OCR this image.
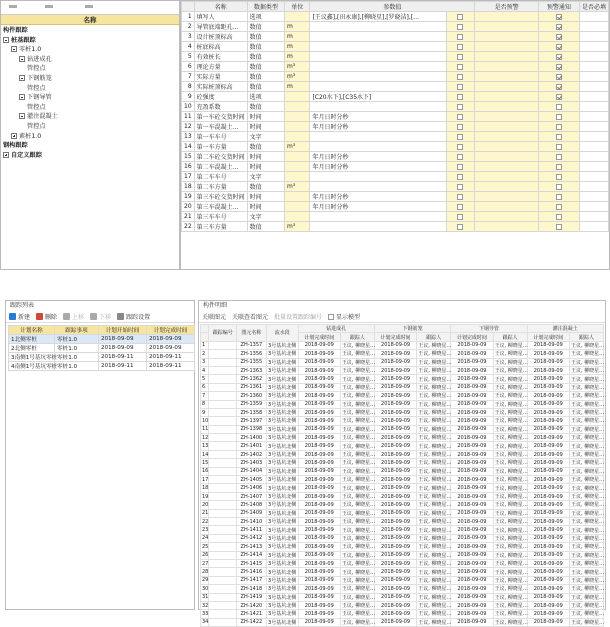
名称
构件跟踪
桩基跟踪
零桩1.0
钻进成孔
管控点
下钢筋笼
管控点
下钢导管
管控点
灌注混凝土
管控点
素桩1.0
钢构跟踪
自定义跟踪
	名称	数据类型	单位	参数值		是否预警	预警通知	是否必填
1	填写人	选项		[王议鑫],[田永康],[柳晓星],[罗晓洁],[…				
2	导管底端距孔…	数值	m					
3	设计桩顶标高	数值	m					
4	桩底标高	数值	m					
5	有效桩长	数值	m					
6	理论方量	数值	m³					
7	实际方量	数值	m³					
8	实际桩顶标高	数值	m					
9	砼强度	选项		[C20水下],[C35水下]				
10	充盈系数	数值						
11	第一车砼交货时间	时间		年月日时分秒				
12	第一车混凝土…	时间		年月日时分秒				
13	第一车车号	文字						
14	第一车方量	数值	m³					
15	第二车砼交货时间	时间		年月日时分秒				
16	第二车混凝土…	时间		年月日时分秒				
17	第二车车号	文字						
18	第二车方量	数值	m³					
19	第三车砼交货时间	时间		年月日时分秒				
20	第三车混凝土…	时间		年月日时分秒				
21	第三车车号	文字						
22	第三车方量	数值	m³					
跟踪列表
新建	删除	上移	下移	跟踪设置
计划名称	跟踪事项	计划开始时间	计划完成时间
1北侧零桩	零桩1.0	2018-09-09	2018-09-09
2北侧零桩	零桩1.0	2018-09-09	2018-09-09
3南侧1号基坑零桩	零桩1.0	2018-09-11	2018-09-11
4南侧1号基坑零桩	零桩1.0	2018-09-11	2018-09-11
构件明细
关联图元 关联查看图元 批量设置跟踪编号 显示模型
	跟踪编号	图元名称	流水段	钻进成孔		下钢筋笼		下钢导管		灌注混凝土	
				计划完成时间	跟踪人	计划完成时间	跟踪人	计划完成时间	跟踪人	计划完成时间	跟踪人
1		ZH-1357	3号基坑北侧	2018-09-09	王议, 柳晓星…	2018-09-09	王议, 柳晓星…	2018-09-09	王议, 柳晓星…	2018-09-09	王议, 柳晓星…
2		ZH-1356	3号基坑北侧	2018-09-09	王议, 柳晓星…	2018-09-09	王议, 柳晓星…	2018-09-09	王议, 柳晓星…	2018-09-09	王议, 柳晓星…
3		ZH-1355	3号基坑北侧	2018-09-09	王议, 柳晓星…	2018-09-09	王议, 柳晓星…	2018-09-09	王议, 柳晓星…	2018-09-09	王议, 柳晓星…
4		ZH-1363	3号基坑北侧	2018-09-09	王议, 柳晓星…	2018-09-09	王议, 柳晓星…	2018-09-09	王议, 柳晓星…	2018-09-09	王议, 柳晓星…
5		ZH-1362	3号基坑北侧	2018-09-09	王议, 柳晓星…	2018-09-09	王议, 柳晓星…	2018-09-09	王议, 柳晓星…	2018-09-09	王议, 柳晓星…
6		ZH-1361	3号基坑北侧	2018-09-09	王议, 柳晓星…	2018-09-09	王议, 柳晓星…	2018-09-09	王议, 柳晓星…	2018-09-09	王议, 柳晓星…
7		ZH-1360	3号基坑北侧	2018-09-09	王议, 柳晓星…	2018-09-09	王议, 柳晓星…	2018-09-09	王议, 柳晓星…	2018-09-09	王议, 柳晓星…
8		ZH-1359	3号基坑北侧	2018-09-09	王议, 柳晓星…	2018-09-09	王议, 柳晓星…	2018-09-09	王议, 柳晓星…	2018-09-09	王议, 柳晓星…
9		ZH-1358	3号基坑北侧	2018-09-09	王议, 柳晓星…	2018-09-09	王议, 柳晓星…	2018-09-09	王议, 柳晓星…	2018-09-09	王议, 柳晓星…
10		ZH-1397	3号基坑北侧	2018-09-09	王议, 柳晓星…	2018-09-09	王议, 柳晓星…	2018-09-09	王议, 柳晓星…	2018-09-09	王议, 柳晓星…
11		ZH-1398	3号基坑北侧	2018-09-09	王议, 柳晓星…	2018-09-09	王议, 柳晓星…	2018-09-09	王议, 柳晓星…	2018-09-09	王议, 柳晓星…
12		ZH-1400	3号基坑北侧	2018-09-09	王议, 柳晓星…	2018-09-09	王议, 柳晓星…	2018-09-09	王议, 柳晓星…	2018-09-09	王议, 柳晓星…
13		ZH-1401	3号基坑北侧	2018-09-09	王议, 柳晓星…	2018-09-09	王议, 柳晓星…	2018-09-09	王议, 柳晓星…	2018-09-09	王议, 柳晓星…
14		ZH-1402	3号基坑北侧	2018-09-09	王议, 柳晓星…	2018-09-09	王议, 柳晓星…	2018-09-09	王议, 柳晓星…	2018-09-09	王议, 柳晓星…
15		ZH-1403	3号基坑北侧	2018-09-09	王议, 柳晓星…	2018-09-09	王议, 柳晓星…	2018-09-09	王议, 柳晓星…	2018-09-09	王议, 柳晓星…
16		ZH-1404	3号基坑北侧	2018-09-09	王议, 柳晓星…	2018-09-09	王议, 柳晓星…	2018-09-09	王议, 柳晓星…	2018-09-09	王议, 柳晓星…
17		ZH-1405	3号基坑北侧	2018-09-09	王议, 柳晓星…	2018-09-09	王议, 柳晓星…	2018-09-09	王议, 柳晓星…	2018-09-09	王议, 柳晓星…
18		ZH-1406	3号基坑北侧	2018-09-09	王议, 柳晓星…	2018-09-09	王议, 柳晓星…	2018-09-09	王议, 柳晓星…	2018-09-09	王议, 柳晓星…
19		ZH-1407	3号基坑北侧	2018-09-09	王议, 柳晓星…	2018-09-09	王议, 柳晓星…	2018-09-09	王议, 柳晓星…	2018-09-09	王议, 柳晓星…
20		ZH-1408	3号基坑北侧	2018-09-09	王议, 柳晓星…	2018-09-09	王议, 柳晓星…	2018-09-09	王议, 柳晓星…	2018-09-09	王议, 柳晓星…
21		ZH-1409	3号基坑北侧	2018-09-09	王议, 柳晓星…	2018-09-09	王议, 柳晓星…	2018-09-09	王议, 柳晓星…	2018-09-09	王议, 柳晓星…
22		ZH-1410	3号基坑北侧	2018-09-09	王议, 柳晓星…	2018-09-09	王议, 柳晓星…	2018-09-09	王议, 柳晓星…	2018-09-09	王议, 柳晓星…
23		ZH-1411	3号基坑北侧	2018-09-09	王议, 柳晓星…	2018-09-09	王议, 柳晓星…	2018-09-09	王议, 柳晓星…	2018-09-09	王议, 柳晓星…
24		ZH-1412	3号基坑北侧	2018-09-09	王议, 柳晓星…	2018-09-09	王议, 柳晓星…	2018-09-09	王议, 柳晓星…	2018-09-09	王议, 柳晓星…
25		ZH-1413	3号基坑北侧	2018-09-09	王议, 柳晓星…	2018-09-09	王议, 柳晓星…	2018-09-09	王议, 柳晓星…	2018-09-09	王议, 柳晓星…
26		ZH-1414	3号基坑北侧	2018-09-09	王议, 柳晓星…	2018-09-09	王议, 柳晓星…	2018-09-09	王议, 柳晓星…	2018-09-09	王议, 柳晓星…
27		ZH-1415	3号基坑北侧	2018-09-09	王议, 柳晓星…	2018-09-09	王议, 柳晓星…	2018-09-09	王议, 柳晓星…	2018-09-09	王议, 柳晓星…
28		ZH-1416	3号基坑北侧	2018-09-09	王议, 柳晓星…	2018-09-09	王议, 柳晓星…	2018-09-09	王议, 柳晓星…	2018-09-09	王议, 柳晓星…
29		ZH-1417	3号基坑北侧	2018-09-09	王议, 柳晓星…	2018-09-09	王议, 柳晓星…	2018-09-09	王议, 柳晓星…	2018-09-09	王议, 柳晓星…
30		ZH-1418	3号基坑北侧	2018-09-09	王议, 柳晓星…	2018-09-09	王议, 柳晓星…	2018-09-09	王议, 柳晓星…	2018-09-09	王议, 柳晓星…
31		ZH-1419	3号基坑北侧	2018-09-09	王议, 柳晓星…	2018-09-09	王议, 柳晓星…	2018-09-09	王议, 柳晓星…	2018-09-09	王议, 柳晓星…
32		ZH-1420	3号基坑北侧	2018-09-09	王议, 柳晓星…	2018-09-09	王议, 柳晓星…	2018-09-09	王议, 柳晓星…	2018-09-09	王议, 柳晓星…
33		ZH-1421	3号基坑北侧	2018-09-09	王议, 柳晓星…	2018-09-09	王议, 柳晓星…	2018-09-09	王议, 柳晓星…	2018-09-09	王议, 柳晓星…
34		ZH-1422	3号基坑北侧	2018-09-09	王议, 柳晓星…	2018-09-09	王议, 柳晓星…	2018-09-09	王议, 柳晓星…	2018-09-09	王议, 柳晓星…
